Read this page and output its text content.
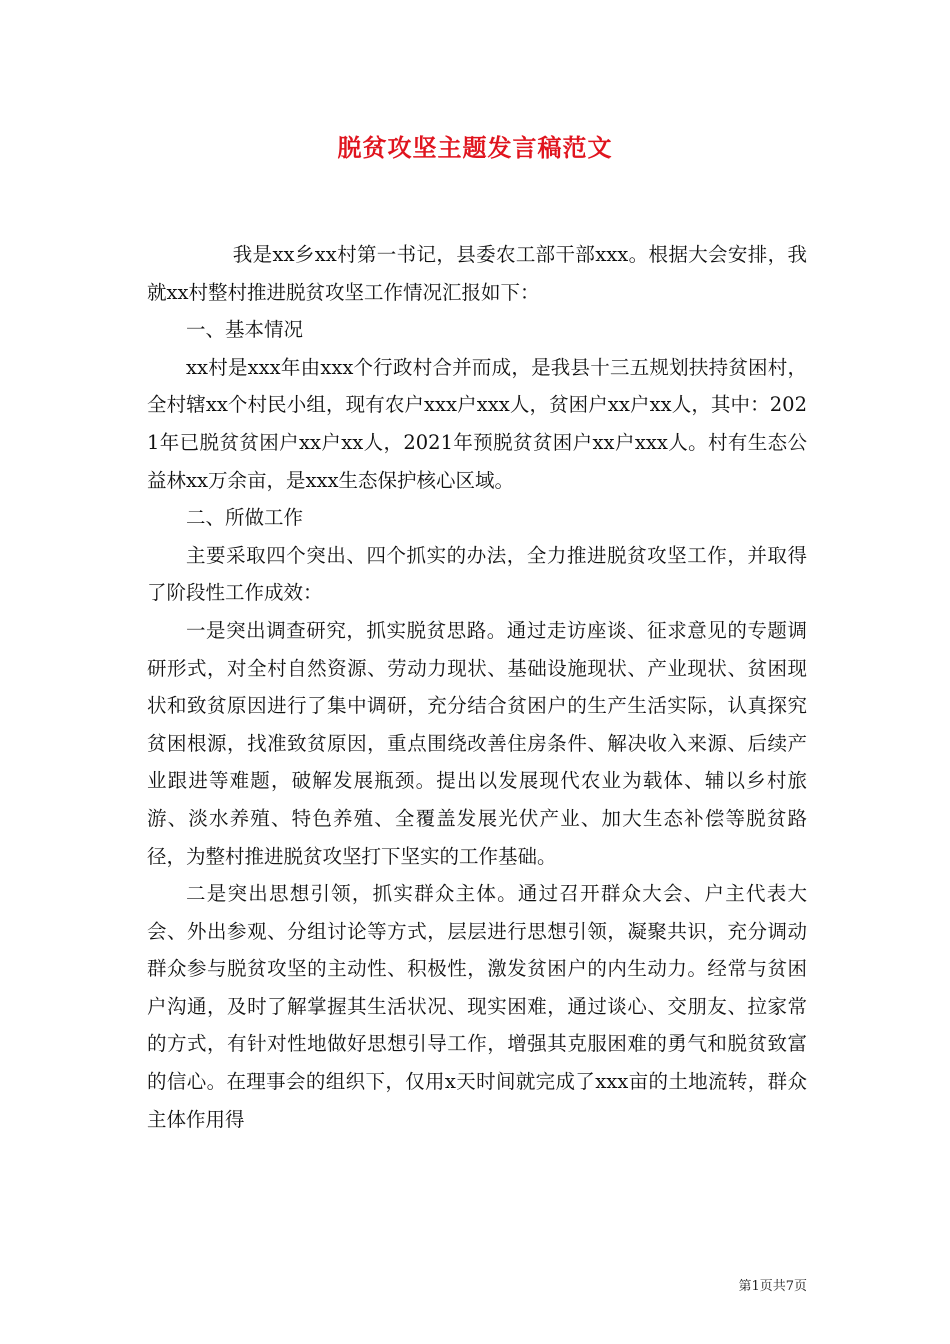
脱贫攻坚主题发言稿范文

我是xx乡xx村第一书记，县委农工部干部xxx。根据大会安排，我就xx村整村推进脱贫攻坚工作情况汇报如下：

一、基本情况

xx村是xxx年由xxx个行政村合并而成，是我县十三五规划扶持贫困村，全村辖xx个村民小组，现有农户xxx户xxx人，贫困户xx户xx人，其中：2021年已脱贫贫困户xx户xx人，2021年预脱贫贫困户xx户xxx人。村有生态公益林xx万余亩，是xxx生态保护核心区域。

二、所做工作

主要采取四个突出、四个抓实的办法，全力推进脱贫攻坚工作，并取得了阶段性工作成效：

一是突出调查研究，抓实脱贫思路。通过走访座谈、征求意见的专题调研形式，对全村自然资源、劳动力现状、基础设施现状、产业现状、贫困现状和致贫原因进行了集中调研，充分结合贫困户的生产生活实际，认真探究贫困根源，找准致贫原因，重点围绕改善住房条件、解决收入来源、后续产业跟进等难题，破解发展瓶颈。提出以发展现代农业为载体、辅以乡村旅游、淡水养殖、特色养殖、全覆盖发展光伏产业、加大生态补偿等脱贫路径，为整村推进脱贫攻坚打下坚实的工作基础。

二是突出思想引领，抓实群众主体。通过召开群众大会、户主代表大会、外出参观、分组讨论等方式，层层进行思想引领，凝聚共识，充分调动群众参与脱贫攻坚的主动性、积极性，激发贫困户的内生动力。经常与贫困户沟通，及时了解掌握其生活状况、现实困难，通过谈心、交朋友、拉家常的方式，有针对性地做好思想引导工作，增强其克服困难的勇气和脱贫致富的信心。在理事会的组织下，仅用x天时间就完成了xxx亩的土地流转，群众主体作用得

第1页共7页
